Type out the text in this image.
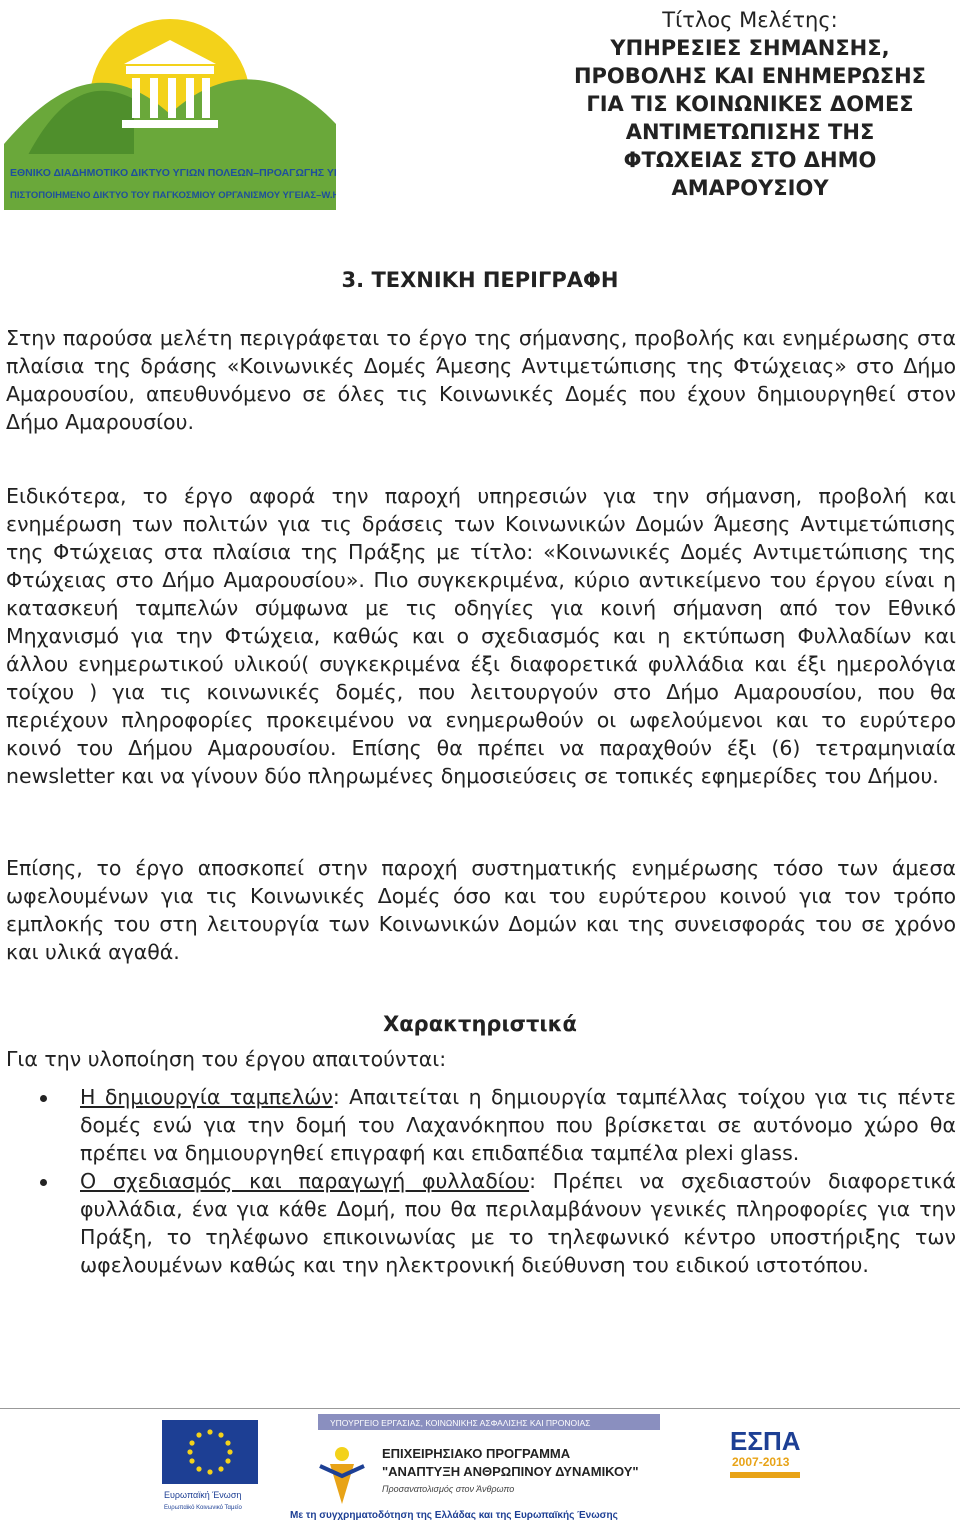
ΕΘΝΙΚΟ ΔΙΑΔΗΜΟΤΙΚΟ ΔΙΚΤΥΟ ΥΓΙΩΝ ΠΟΛΕΩΝ–ΠΡΟΑΓΩΓΗΣ ΥΓΕΙΑΣ
ΠΙΣΤΟΠΟΙΗΜΕΝΟ ΔΙΚΤΥΟ ΤΟΥ ΠΑΓΚΟΣΜΙΟΥ ΟΡΓΑΝΙΣΜΟΥ ΥΓΕΙΑΣ–W.H.O.
Τίτλος Μελέτης:
ΥΠΗΡΕΣΙΕΣ ΣΗΜΑΝΣΗΣ,
ΠΡΟΒΟΛΗΣ ΚΑΙ ΕΝΗΜΕΡΩΣΗΣ
ΓΙΑ ΤΙΣ ΚΟΙΝΩΝΙΚΕΣ ΔΟΜΕΣ
ΑΝΤΙΜΕΤΩΠΙΣΗΣ ΤΗΣ
ΦΤΩΧΕΙΑΣ ΣΤΟ ΔΗΜΟ
ΑΜΑΡΟΥΣΙΟΥ
3. ΤΕΧΝΙΚΗ ΠΕΡΙΓΡΑΦΗ

Στην παρούσα μελέτη περιγράφεται το έργο της σήμανσης, προβολής και ενημέρωσης στα πλαίσια της δράσης «Κοινωνικές Δομές Άμεσης Αντιμετώπισης της Φτώχειας» στο Δήμο Αμαρουσίου, απευθυνόμενο σε όλες τις Κοινωνικές Δομές που έχουν δημιουργηθεί στον Δήμο Αμαρουσίου.

Ειδικότερα, το έργο αφορά την παροχή υπηρεσιών για την σήμανση, προβολή και ενημέρωση των πολιτών για τις δράσεις των Κοινωνικών Δομών Άμεσης Αντιμετώπισης της Φτώχειας στα πλαίσια της Πράξης με τίτλο: «Κοινωνικές Δομές Αντιμετώπισης της Φτώχειας στο Δήμο Αμαρουσίου». Πιο συγκεκριμένα, κύριο αντικείμενο του έργου είναι η κατασκευή ταμπελών σύμφωνα με τις οδηγίες για κοινή σήμανση από τον Εθνικό Μηχανισμό για την Φτώχεια, καθώς και ο σχεδιασμός και η εκτύπωση Φυλλαδίων και άλλου ενημερωτικού υλικού( συγκεκριμένα έξι διαφορετικά φυλλάδια και έξι ημερολόγια τοίχου ) για τις κοινωνικές δομές, που λειτουργούν στο Δήμο Αμαρουσίου, που θα περιέχουν πληροφορίες προκειμένου να ενημερωθούν οι ωφελούμενοι και το ευρύτερο κοινό του Δήμου Αμαρουσίου. Επίσης θα πρέπει να παραχθούν έξι (6) τετραμηνιαία newsletter και να γίνουν δύο πληρωμένες δημοσιεύσεις σε τοπικές εφημερίδες του Δήμου.

Επίσης, το έργο αποσκοπεί στην παροχή συστηματικής ενημέρωσης τόσο των άμεσα ωφελουμένων για τις Κοινωνικές Δομές όσο και του ευρύτερου κοινού για τον τρόπο εμπλοκής του στη λειτουργία των Κοινωνικών Δομών και της συνεισφοράς του σε χρόνο και υλικά αγαθά.

Χαρακτηριστικά
Για την υλοποίηση του έργου απαιτούνται:
Η δημιουργία ταμπελών: Απαιτείται η δημιουργία ταμπέλλας τοίχου για τις πέντε δομές ενώ για την δομή του Λαχανόκηπου που βρίσκεται σε αυτόνομο χώρο θα πρέπει να δημιουργηθεί επιγραφή και επιδαπέδια ταμπέλα plexi glass.
Ο σχεδιασμός και παραγωγή φυλλαδίου: Πρέπει να σχεδιαστούν διαφορετικά φυλλάδια, ένα για κάθε Δομή, που θα περιλαμβάνουν γενικές πληροφορίες για την Πράξη, το τηλέφωνο επικοινωνίας με το τηλεφωνικό κέντρο υποστήριξης των ωφελουμένων καθώς και την ηλεκτρονική διεύθυνση του ειδικού ιστοτόπου.
Ευρωπαϊκή Ένωση
Ευρωπαϊκό Κοινωνικό Ταμείο
ΥΠΟΥΡΓΕΙΟ ΕΡΓΑΣΙΑΣ, ΚΟΙΝΩΝΙΚΗΣ ΑΣΦΑΛΙΣΗΣ ΚΑΙ ΠΡΟΝΟΙΑΣ
ΕΠΙΧΕΙΡΗΣΙΑΚΟ ΠΡΟΓΡΑΜΜΑ
"ΑΝΑΠΤΥΞΗ ΑΝΘΡΩΠΙΝΟΥ ΔΥΝΑΜΙΚΟΥ"
Προσανατολισμός στον Άνθρωπο
Με τη συγχρηματοδότηση της Ελλάδας και της Ευρωπαϊκής Ένωσης
ΕΣΠΑ
2007-2013
